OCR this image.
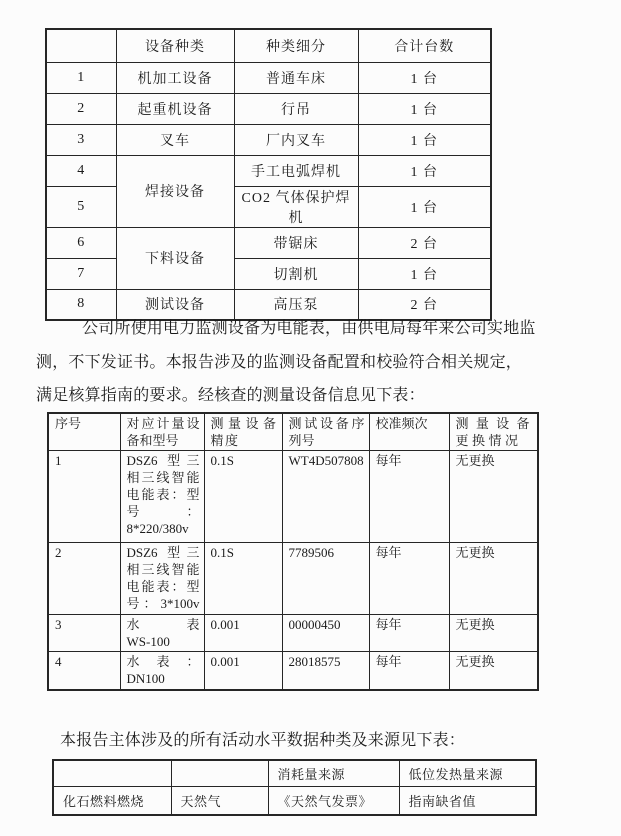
	设备种类	种类细分	合计台数
1	机加工设备	普通车床	1 台
2	起重机设备	行吊	1 台
3	叉车	厂内叉车	1 台
4	焊接设备	手工电弧焊机	1 台
5		CO2 气体保护焊机	1 台
6	下料设备	带锯床	2 台
7		切割机	1 台
8	测试设备	高压泵	2 台
公司所使用电力监测设备为电能表，由供电局每年来公司实地监
测，不下发证书。本报告涉及的监测设备配置和校验符合相关规定，
满足核算指南的要求。经核查的测量设备信息见下表：
序号	对应计量设备和型号	测量设备精度	测试设备序列号	校准频次	测量设备更换情况
1	DSZ6 型三
相三线智能
电能表：型
号：
8*220/380v	0.1S	WT4D507808	每年	无更换
2	DSZ6 型三
相三线智能
电能表：型
号：3*100v	0.1S	7789506	每年	无更换
3	水表
WS-100	0.001	00000450	每年	无更换
4	水表：
DN100	0.001	28018575	每年	无更换
本报告主体涉及的所有活动水平数据种类及来源见下表：
		消耗量来源	低位发热量来源
化石燃料燃烧	天然气	《天然气发票》	指南缺省值
